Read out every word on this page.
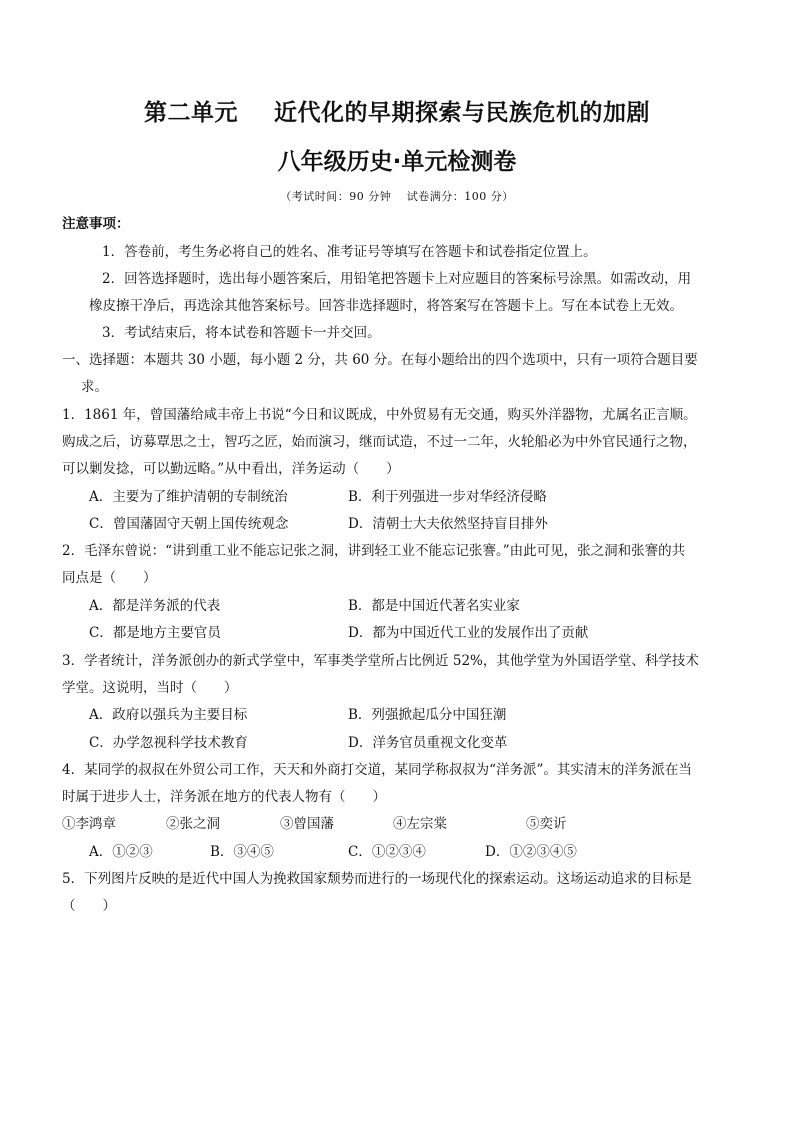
第二单元 近代化的早期探索与民族危机的加剧
八年级历史·单元检测卷
（考试时间：90 分钟　 试卷满分：100 分）
注意事项：
1．答卷前，考生务必将自己的姓名、准考证号等填写在答题卡和试卷指定位置上。
2．回答选择题时，选出每小题答案后，用铅笔把答题卡上对应题目的答案标号涂黑。如需改动，用
橡皮擦干净后，再选涂其他答案标号。回答非选择题时，将答案写在答题卡上。写在本试卷上无效。
3．考试结束后，将本试卷和答题卡一并交回。
一、选择题：本题共 30 小题，每小题 2 分，共 60 分。在每小题给出的四个选项中，只有一项符合题目要
求。
1．1861 年，曾国藩给咸丰帝上书说“今日和议既成，中外贸易有无交通，购买外洋器物，尤属名正言顺。
购成之后，访募覃思之士，智巧之匠，始而演习，继而试造，不过一二年，火轮船必为中外官民通行之物，
可以剿发捻，可以勤远略。”从中看出，洋务运动（　　）
A．主要为了维护清朝的专制统治	B．利于列强进一步对华经济侵略
C．曾国藩固守天朝上国传统观念	D．清朝士大夫依然坚持盲目排外
2．毛泽东曾说：“讲到重工业不能忘记张之洞，讲到轻工业不能忘记张謇。”由此可见，张之洞和张謇的共
同点是（　　）
A．都是洋务派的代表	B．都是中国近代著名实业家
C．都是地方主要官员	D．都为中国近代工业的发展作出了贡献
3．学者统计，洋务派创办的新式学堂中，军事类学堂所占比例近 52%，其他学堂为外国语学堂、科学技术
学堂。这说明，当时（　　）
A．政府以强兵为主要目标	B．列强掀起瓜分中国狂潮
C．办学忽视科学技术教育	D．洋务官员重视文化变革
4．某同学的叔叔在外贸公司工作，天天和外商打交道，某同学称叔叔为“洋务派”。其实清末的洋务派在当
时属于进步人士，洋务派在地方的代表人物有（　　）
①李鸿章	②张之洞	③曾国藩	④左宗棠	⑤奕䜣
A．①②③	B．③④⑤	C．①②③④	D．①②③④⑤
5．下列图片反映的是近代中国人为挽救国家颓势而进行的一场现代化的探索运动。这场运动追求的目标是
（　　）
